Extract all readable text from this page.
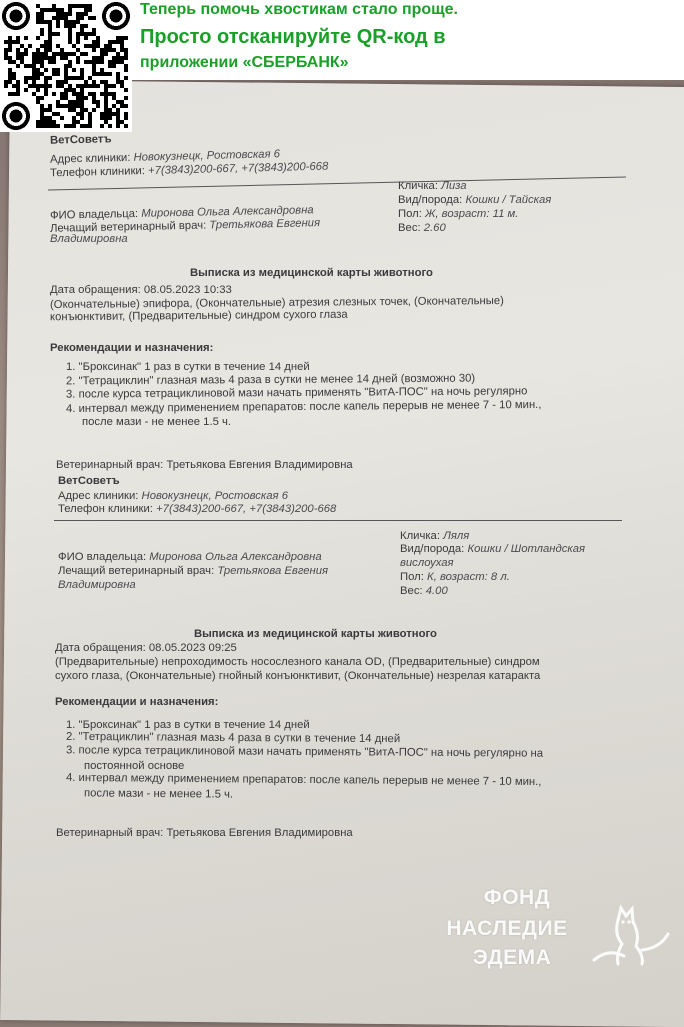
ВетСоветъ
Адрес клиники: Новокузнецк, Ростовская 6
Телефон клиники: +7(3843)200-667, +7(3843)200-668
Кличка: Лиза
Вид/порода: Кошки / Тайская
Пол: Ж, возраст: 11 м.
Вес: 2.60
ФИО владельца: Миронова Ольга Александровна
Лечащий ветеринарный врач: Третьякова Евгения
Владимировна
Выписка из медицинской карты животного
Дата обращения: 08.05.2023 10:33
(Окончательные) эпифора, (Окончательные) атрезия слезных точек, (Окончательные)
конъюнктивит, (Предварительные) синдром сухого глаза
Рекомендации и назначения:
1. "Броксинак" 1 раз в сутки в течение 14 дней
2. "Тетрациклин" глазная мазь 4 раза в сутки не менее 14 дней (возможно 30)
3. после курса тетрациклиновой мази начать применять "ВитА-ПОС" на ночь регулярно
4. интервал между применением препаратов: после капель перерыв не менее 7 - 10 мин.,
после мази - не менее 1.5 ч.
Ветеринарный врач: Третьякова Евгения Владимировна
ВетСоветъ
Адрес клиники: Новокузнецк, Ростовская 6
Телефон клиники: +7(3843)200-667, +7(3843)200-668
Кличка: Ляля
Вид/порода: Кошки / Шотландская
вислоухая
Пол: К, возраст: 8 л.
Вес: 4.00
ФИО владельца: Миронова Ольга Александровна
Лечащий ветеринарный врач: Третьякова Евгения
Владимировна
Выписка из медицинской карты животного
Дата обращения: 08.05.2023 09:25
(Предварительные) непроходимость носослезного канала OD, (Предварительные) синдром
сухого глаза, (Окончательные) гнойный конъюнктивит, (Окончательные) незрелая катаракта
Рекомендации и назначения:
1. "Броксинак" 1 раз в сутки в течение 14 дней
2. "Тетрациклин" глазная мазь 4 раза в сутки в течение 14 дней
3. после курса тетрациклиновой мази начать применять "ВитА-ПОС" на ночь регулярно на
постоянной основе
4. интервал между применением препаратов: после капель перерыв не менее 7 - 10 мин.,
после мази - не менее 1.5 ч.
Ветеринарный врач: Третьякова Евгения Владимировна
Теперь помочь хвостикам стало проще.
Просто отсканируйте QR-код в
приложении «СБЕРБАНК»
ФОНД
НАСЛЕДИЕ
ЭДЕМА
